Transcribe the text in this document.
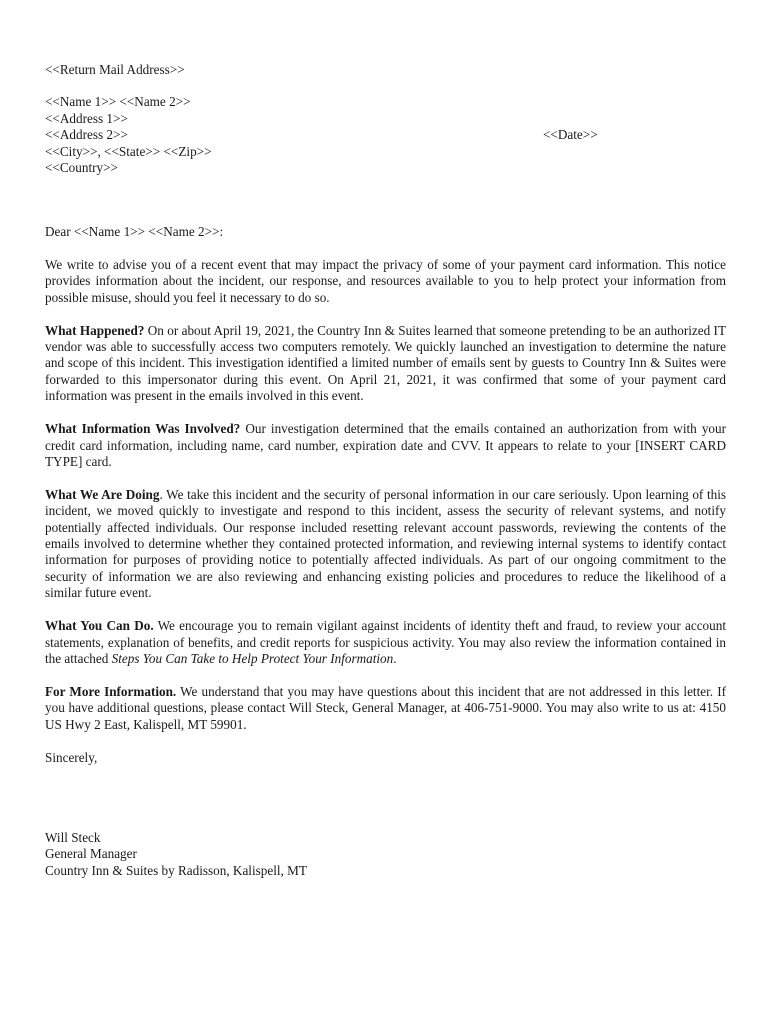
<<Return Mail Address>>
<<Name 1>> <<Name 2>>
<<Address 1>>
<<Address 2>>
<<City>>, <<State>> <<Zip>>
<<Country>>
<<Date>>
Dear <<Name 1>> <<Name 2>>:

We write to advise you of a recent event that may impact the privacy of some of your payment card information. This notice provides information about the incident, our response, and resources available to you to help protect your information from possible misuse, should you feel it necessary to do so.

What Happened? On or about April 19, 2021, the Country Inn & Suites learned that someone pretending to be an authorized IT vendor was able to successfully access two computers remotely. We quickly launched an investigation to determine the nature and scope of this incident. This investigation identified a limited number of emails sent by guests to Country Inn & Suites were forwarded to this impersonator during this event. On April 21, 2021, it was confirmed that some of your payment card information was present in the emails involved in this event.

What Information Was Involved? Our investigation determined that the emails contained an authorization from with your credit card information, including name, card number, expiration date and CVV. It appears to relate to your [INSERT CARD TYPE] card.

What We Are Doing. We take this incident and the security of personal information in our care seriously. Upon learning of this incident, we moved quickly to investigate and respond to this incident, assess the security of relevant systems, and notify potentially affected individuals. Our response included resetting relevant account passwords, reviewing the contents of the emails involved to determine whether they contained protected information, and reviewing internal systems to identify contact information for purposes of providing notice to potentially affected individuals. As part of our ongoing commitment to the security of information we are also reviewing and enhancing existing policies and procedures to reduce the likelihood of a similar future event.

What You Can Do. We encourage you to remain vigilant against incidents of identity theft and fraud, to review your account statements, explanation of benefits, and credit reports for suspicious activity. You may also review the information contained in the attached Steps You Can Take to Help Protect Your Information.

For More Information. We understand that you may have questions about this incident that are not addressed in this letter. If you have additional questions, please contact Will Steck, General Manager, at 406-751-9000. You may also write to us at: 4150 US Hwy 2 East, Kalispell, MT 59901.

Sincerely,
Will Steck
General Manager
Country Inn & Suites by Radisson, Kalispell, MT
